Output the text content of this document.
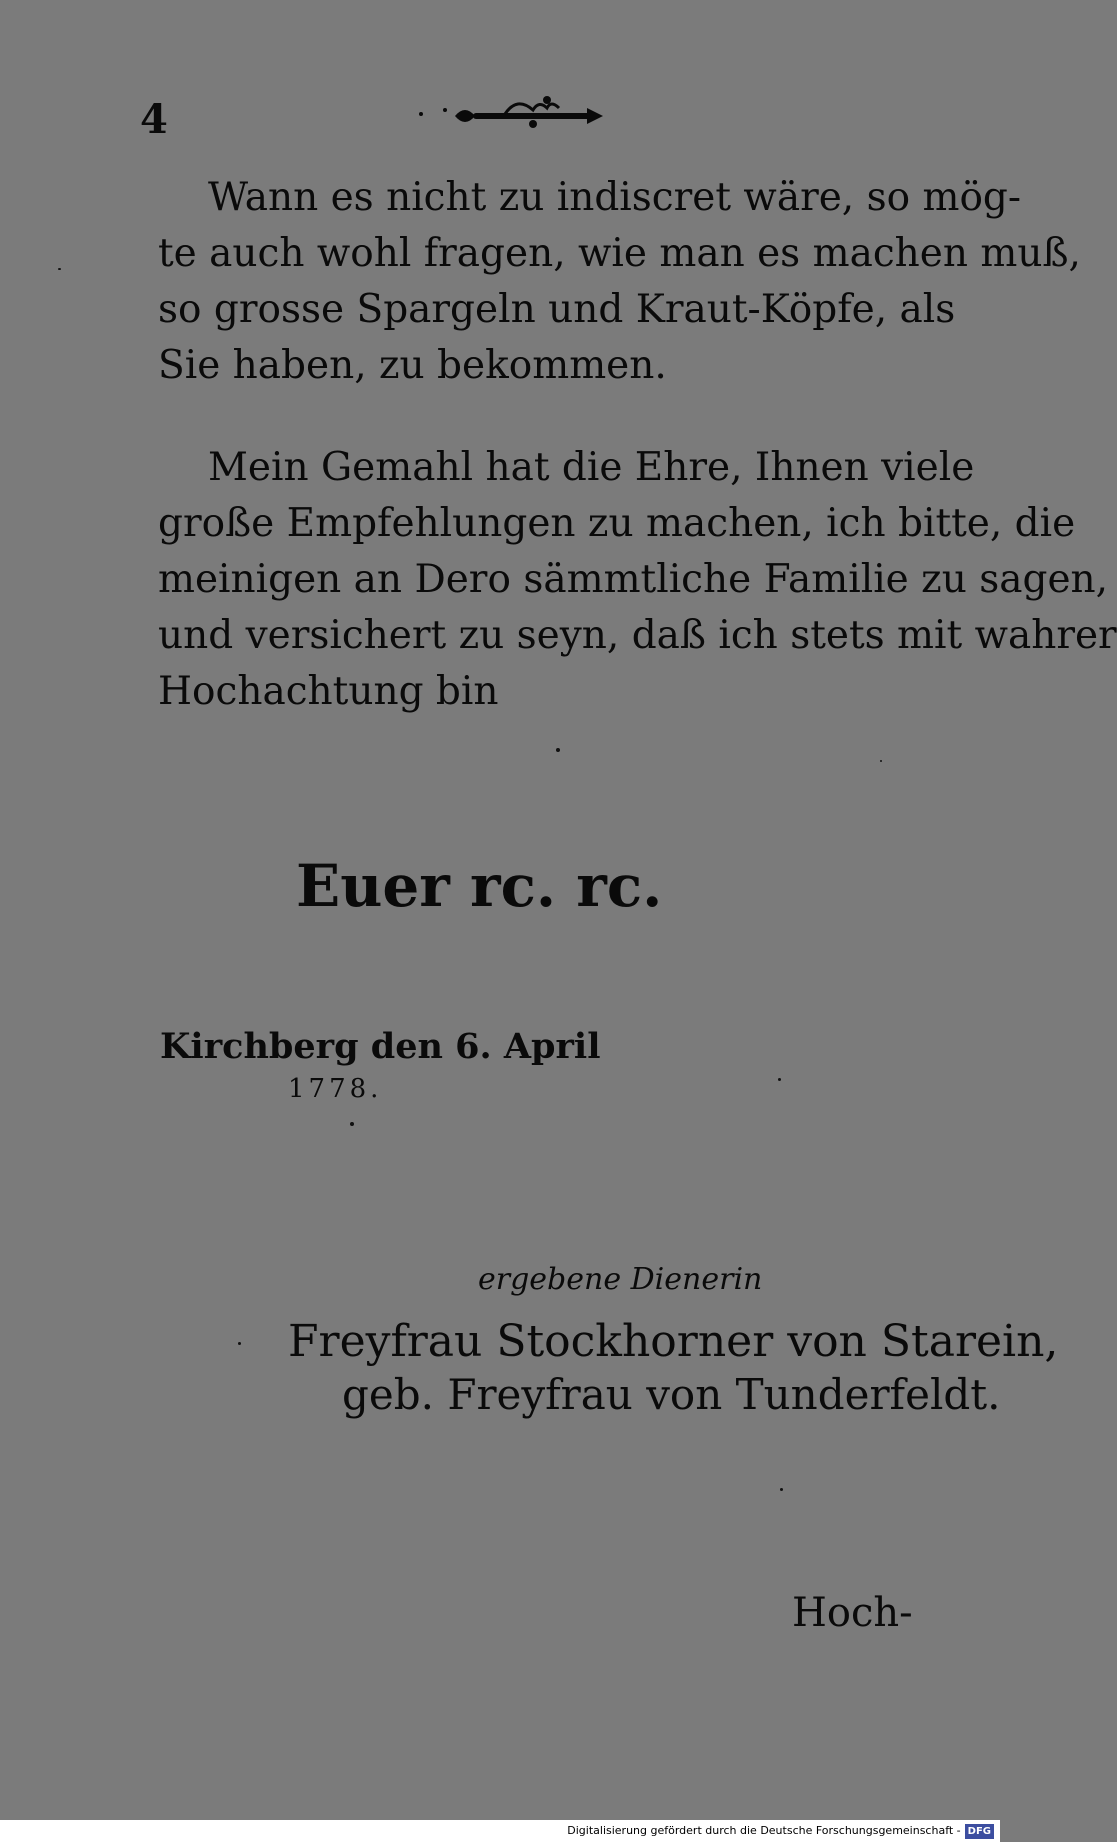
4
Wann es nicht zu indiscret wäre, so mög-
te auch wohl fragen, wie man es machen muß,
so grosse Spargeln und Kraut-Köpfe, als
Sie haben, zu bekommen.
Mein Gemahl hat die Ehre, Ihnen viele
große Empfehlungen zu machen, ich bitte, die
meinigen an Dero sämmtliche Familie zu sagen,
und versichert zu seyn, daß ich stets mit wahrer
Hochachtung bin
Euer rc. rc.
Kirchberg den 6. April
1778.
ergebene Dienerin
Freyfrau Stockhorner von Starein,
geb. Freyfrau von Tunderfeldt.
Hoch-
Digitalisierung gefördert durch die Deutsche Forschungsgemeinschaft - DFG
